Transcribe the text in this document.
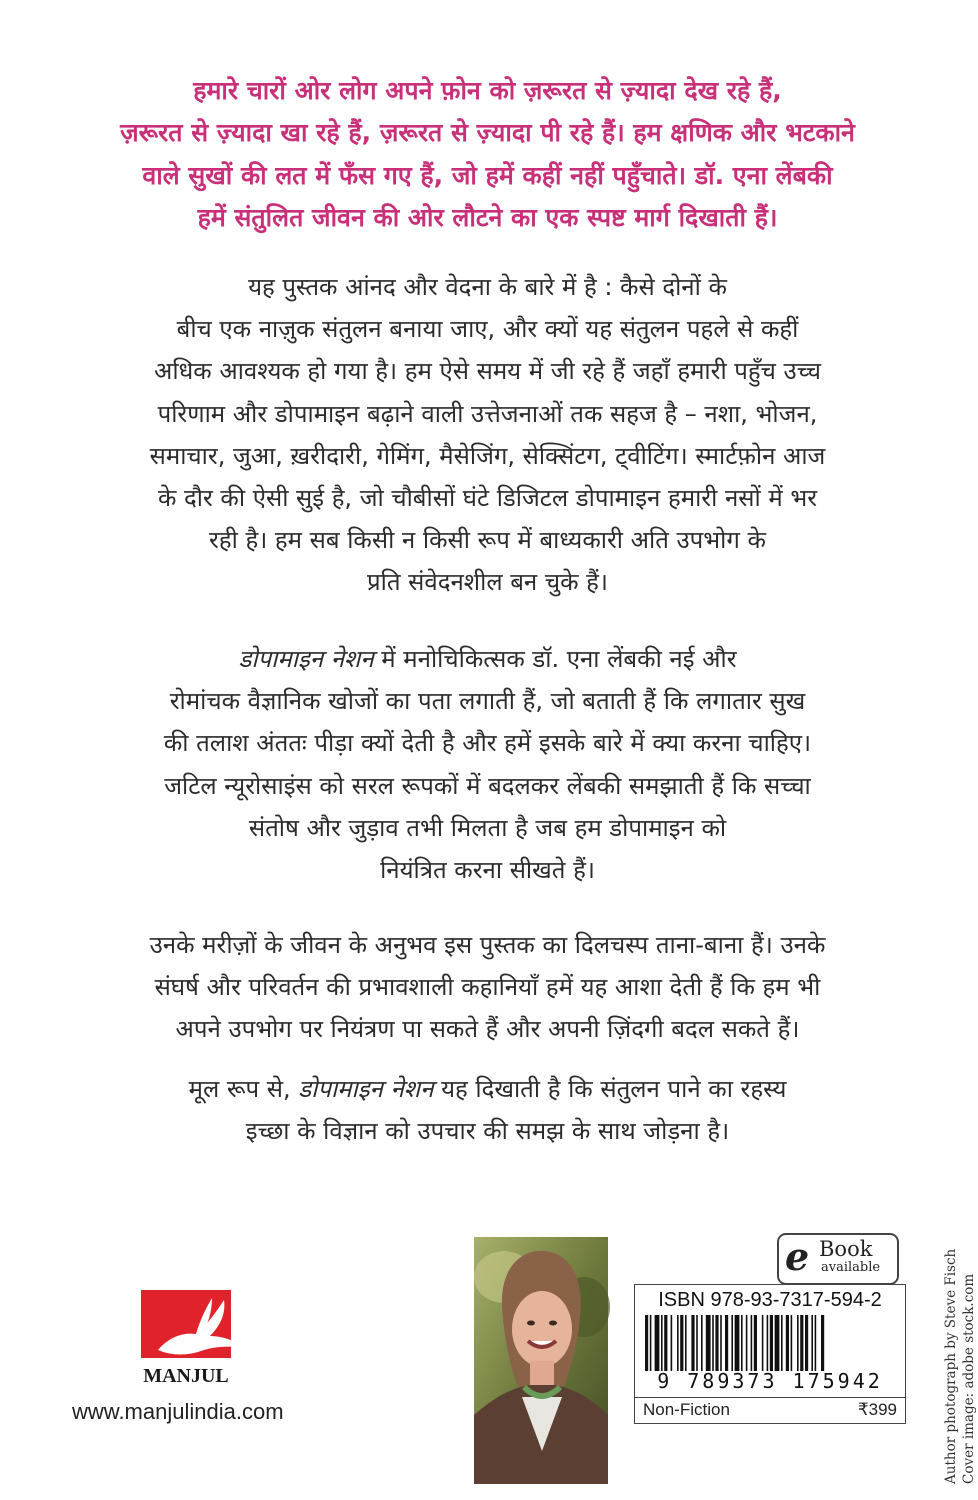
हमारे चारों ओर लोग अपने फ़ोन को ज़रूरत से ज़्यादा देख रहे हैं,
ज़रूरत से ज़्यादा खा रहे हैं, ज़रूरत से ज़्यादा पी रहे हैं। हम क्षणिक और भटकाने
वाले सुखों की लत में फँस गए हैं, जो हमें कहीं नहीं पहुँचाते। डॉ. एना लेंबकी
हमें संतुलित जीवन की ओर लौटने का एक स्पष्ट मार्ग दिखाती हैं।
यह पुस्तक आंनद और वेदना के बारे में है : कैसे दोनों के
बीच एक नाज़ुक संतुलन बनाया जाए, और क्यों यह संतुलन पहले से कहीं
अधिक आवश्यक हो गया है। हम ऐसे समय में जी रहे हैं जहाँ हमारी पहुँच उच्च
परिणाम और डोपामाइन बढ़ाने वाली उत्तेजनाओं तक सहज है – नशा, भोजन,
समाचार, जुआ, ख़रीदारी, गेमिंग, मैसेजिंग, सेक्सिंटग, ट्वीटिंग। स्मार्टफ़ोन आज
के दौर की ऐसी सुई है, जो चौबीसों घंटे डिजिटल डोपामाइन हमारी नसों में भर
रही है। हम सब किसी न किसी रूप में बाध्यकारी अति उपभोग के
प्रति संवेदनशील बन चुके हैं।
डोपामाइन नेशन में मनोचिकित्सक डॉ. एना लेंबकी नई और
रोमांचक वैज्ञानिक खोजों का पता लगाती हैं, जो बताती हैं कि लगातार सुख
की तलाश अंततः पीड़ा क्यों देती है और हमें इसके बारे में क्या करना चाहिए।
जटिल न्यूरोसाइंस को सरल रूपकों में बदलकर लेंबकी समझाती हैं कि सच्चा
संतोष और जुड़ाव तभी मिलता है जब हम डोपामाइन को
नियंत्रित करना सीखते हैं।
उनके मरीज़ों के जीवन के अनुभव इस पुस्तक का दिलचस्प ताना-बाना हैं। उनके
संघर्ष और परिवर्तन की प्रभावशाली कहानियाँ हमें यह आशा देती हैं कि हम भी
अपने उपभोग पर नियंत्रण पा सकते हैं और अपनी ज़िंदगी बदल सकते हैं।
मूल रूप से, डोपामाइन नेशन यह दिखाती है कि संतुलन पाने का रहस्य
इच्छा के विज्ञान को उपचार की समझ के साथ जोड़ना है।
MANJUL
www.manjulindia.com
e Book
available
ISBN 978-93-7317-594-2
9 789373 175942
Non-Fiction	₹399	Author photograph by Steve Fisch Cover image: adobe stock.com
